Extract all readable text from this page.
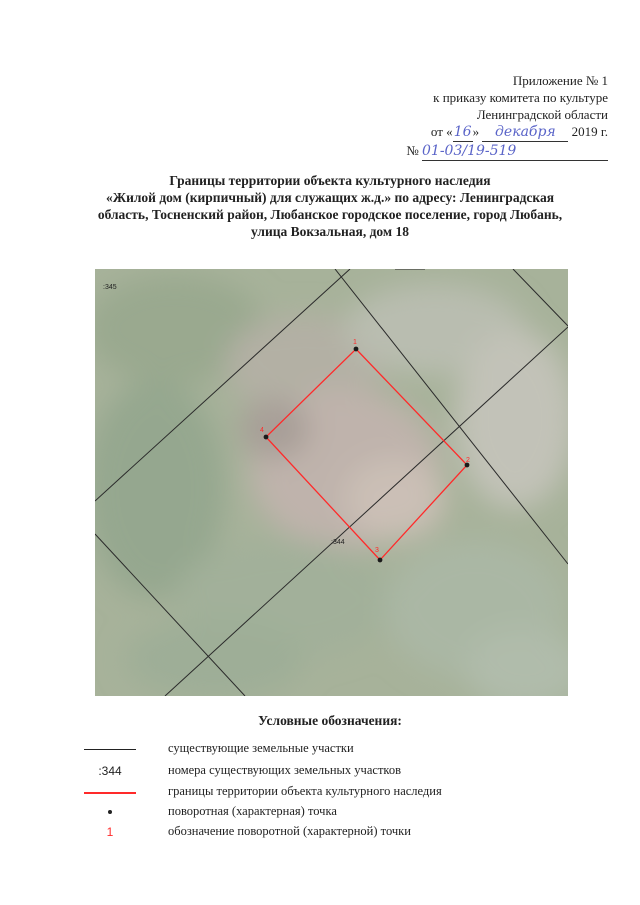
Приложение № 1
к приказу комитета по культуре
Ленинградской области
от «16» декабря 2019 г.
№ 01-03/19-519
Границы территории объекта культурного наследия
«Жилой дом (кирпичный) для служащих ж.д.» по адресу: Ленинградская
область, Тосненский район, Любанское городское поселение, город Любань,
улица Вокзальная, дом 18
1
2
3
4
:345
:344
Условные обозначения:
существующие земельные участки
:344	номера существующих земельных участков
границы территории объекта культурного наследия
поворотная (характерная) точка
1	обозначение поворотной (характерной) точки
